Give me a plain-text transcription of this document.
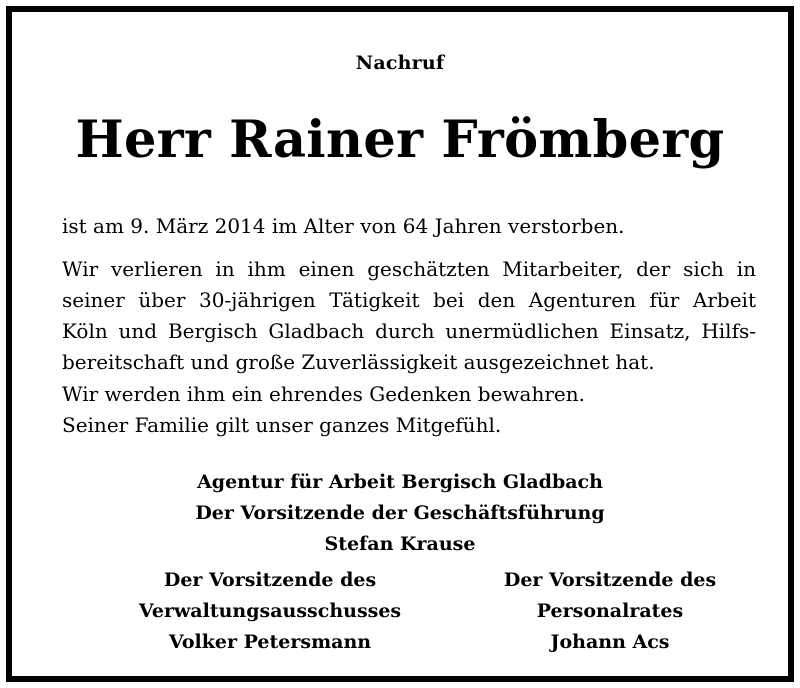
Nachruf
Herr Rainer Frömberg
ist am 9. März 2014 im Alter von 64 Jahren verstorben.
Wir verlieren in ihm einen geschätzten Mitarbeiter, der sich in
seiner über 30-jährigen Tätigkeit bei den Agenturen für Arbeit
Köln und Bergisch Gladbach durch unermüdlichen Einsatz, Hilfs-
bereitschaft und große Zuverlässigkeit ausgezeichnet hat.
Wir werden ihm ein ehrendes Gedenken bewahren.
Seiner Familie gilt unser ganzes Mitgefühl.
Agentur für Arbeit Bergisch Gladbach
Der Vorsitzende der Geschäftsführung
Stefan Krause
Der Vorsitzende des
Verwaltungsausschusses
Volker Petersmann
Der Vorsitzende des
Personalrates
Johann Acs
